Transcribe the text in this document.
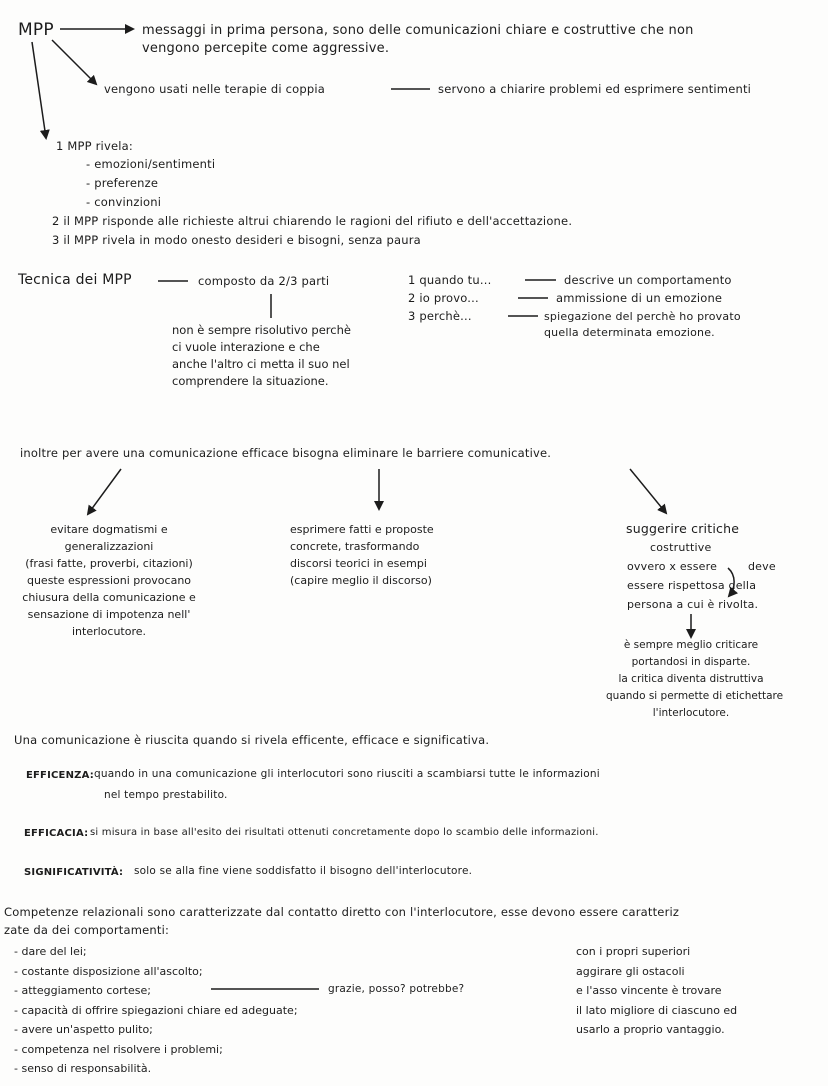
MPP	messaggi in prima persona, sono delle comunicazioni chiare e costruttive che non
vengono percepite come aggressive.
vengono usati nelle terapie di coppia	servono a chiarire problemi ed esprimere sentimenti
1 MPP rivela:
- emozioni/sentimenti
- preferenze
- convinzioni
2 il MPP risponde alle richieste altrui chiarendo le ragioni del rifiuto e dell'accettazione.
3 il MPP rivela in modo onesto desideri e bisogni, senza paura
Tecnica dei MPP	composto da 2/3 parti
non è sempre risolutivo perchè
ci vuole interazione e che
anche l'altro ci metta il suo nel
comprendere la situazione.
1 quando tu...	descrive un comportamento
2 io provo...	ammissione di un emozione
3 perchè...	spiegazione del perchè ho provato
quella determinata emozione.
inoltre per avere una comunicazione efficace bisogna eliminare le barriere comunicative.
evitare dogmatismi e
generalizzazioni
(frasi fatte, proverbi, citazioni)
queste espressioni provocano
chiusura della comunicazione e
sensazione di impotenza nell'
interlocutore.
esprimere fatti e proposte
concrete, trasformando
discorsi teorici in esempi
(capire meglio il discorso)
suggerire critiche
costruttive
ovvero x essere	deve
essere rispettosa della
persona a cui è rivolta.
è sempre meglio criticare
portandosi in disparte.
la critica diventa distruttiva
quando si permette di etichettare
l'interlocutore.
Una comunicazione è riuscita quando si rivela efficente, efficace e significativa.
EFFICENZA: quando in una comunicazione gli interlocutori sono riusciti a scambiarsi tutte le informazioni
nel tempo prestabilito.
EFFICACIA: si misura in base all'esito dei risultati ottenuti concretamente dopo lo scambio delle informazioni.
SIGNIFICATIVITÀ: solo se alla fine viene soddisfatto il bisogno dell'interlocutore.
Competenze relazionali sono caratterizzate dal contatto diretto con l'interlocutore, esse devono essere caratteriz
zate da dei comportamenti:
- dare del lei;
- costante disposizione all'ascolto;
- atteggiamento cortese;
- capacità di offrire spiegazioni chiare ed adeguate;
- avere un'aspetto pulito;
- competenza nel risolvere i problemi;
- senso di responsabilità.
grazie, posso? potrebbe?
con i propri superiori
aggirare gli ostacoli
e l'asso vincente è trovare
il lato migliore di ciascuno ed
usarlo a proprio vantaggio.
